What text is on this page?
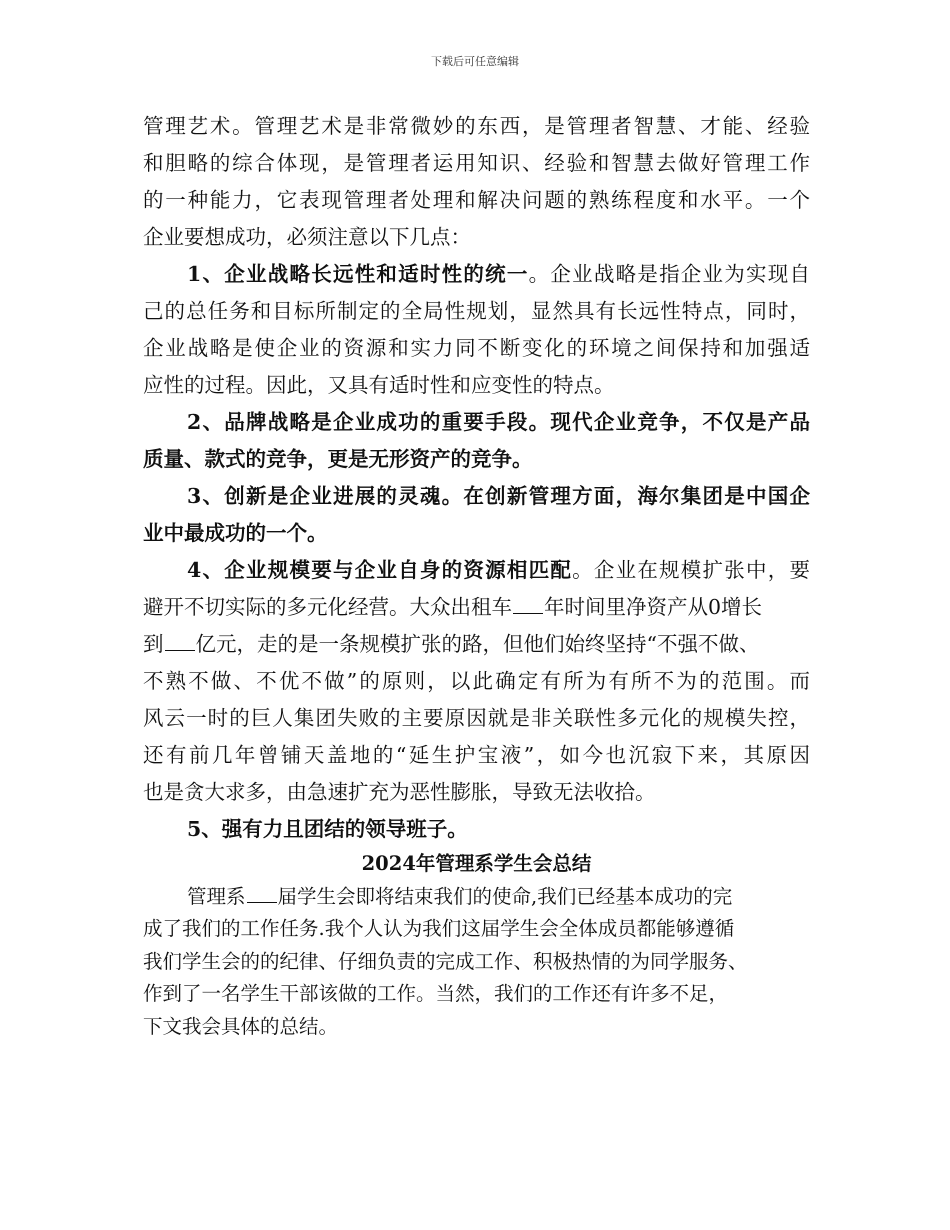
下载后可任意编辑
管理艺术。管理艺术是非常微妙的东西，是管理者智慧、才能、经验
和胆略的综合体现，是管理者运用知识、经验和智慧去做好管理工作
的一种能力，它表现管理者处理和解决问题的熟练程度和水平。一个
企业要想成功，必须注意以下几点：
1、企业战略长远性和适时性的统一。企业战略是指企业为实现自
己的总任务和目标所制定的全局性规划，显然具有长远性特点，同时，
企业战略是使企业的资源和实力同不断变化的环境之间保持和加强适
应性的过程。因此，又具有适时性和应变性的特点。
2、品牌战略是企业成功的重要手段。现代企业竞争，不仅是产品
质量、款式的竞争，更是无形资产的竞争。
3、创新是企业进展的灵魂。在创新管理方面，海尔集团是中国企
业中最成功的一个。
4、企业规模要与企业自身的资源相匹配。企业在规模扩张中，要
避开不切实际的多元化经营。大众出租车 年时间里净资产从0增长
到 亿元，走的是一条规模扩张的路，但他们始终坚持“不强不做、
不熟不做、不优不做”的原则，以此确定有所为有所不为的范围。而
风云一时的巨人集团失败的主要原因就是非关联性多元化的规模失控，
还有前几年曾铺天盖地的“延生护宝液”，如今也沉寂下来，其原因
也是贪大求多，由急速扩充为恶性膨胀，导致无法收拾。
5、强有力且团结的领导班子。
2024年管理系学生会总结
管理系 届学生会即将结束我们的使命,我们已经基本成功的完
成了我们的工作任务.我个人认为我们这届学生会全体成员都能够遵循
我们学生会的的纪律、仔细负责的完成工作、积极热情的为同学服务、
作到了一名学生干部该做的工作。当然，我们的工作还有许多不足，
下文我会具体的总结。
